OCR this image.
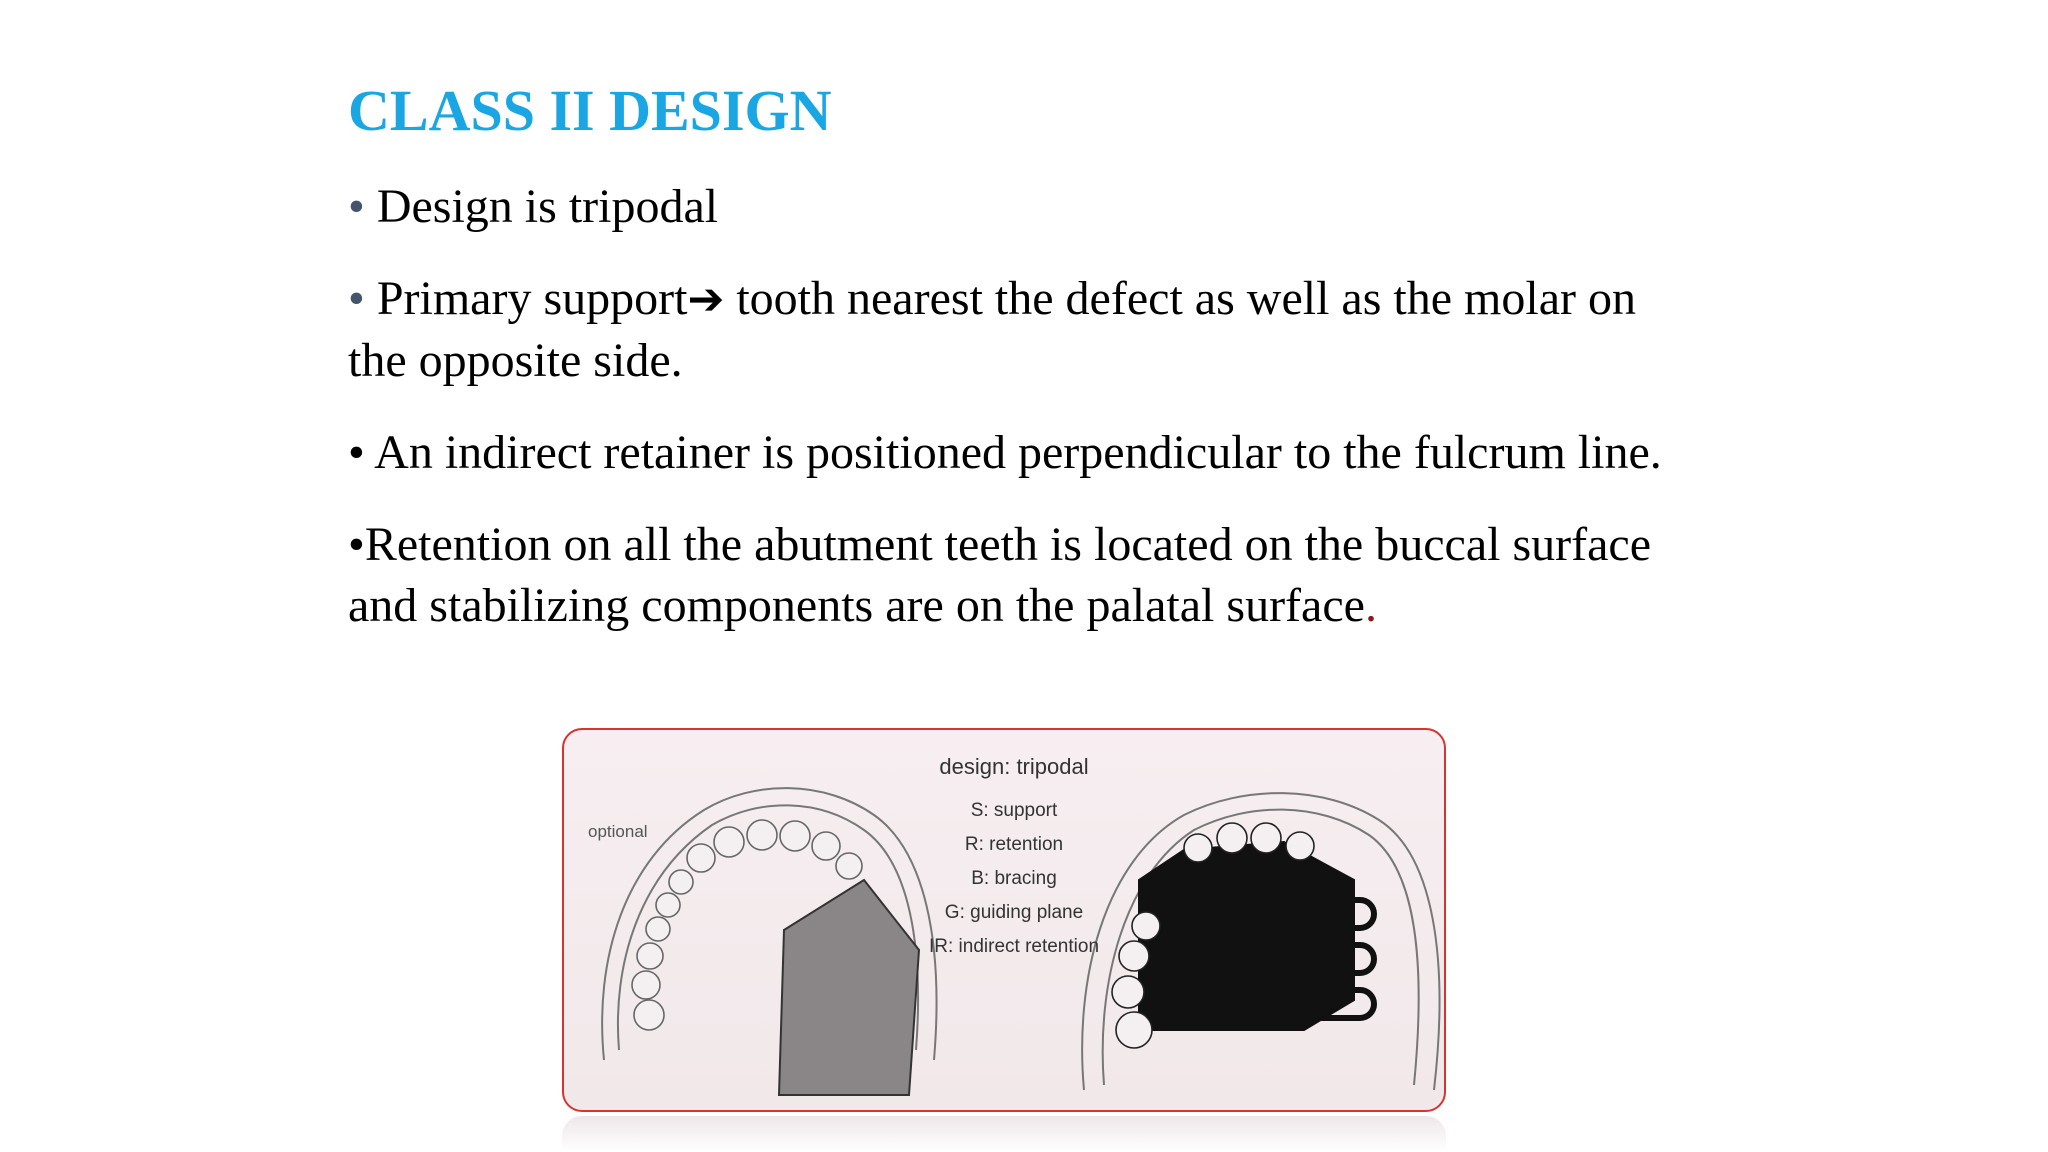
CLASS II DESIGN
• Design is tripodal
• Primary support➔ tooth nearest the defect as well as the molar on the opposite side.
• An indirect retainer is positioned perpendicular to the fulcrum line.
•Retention on all the abutment teeth is located on the buccal surface and stabilizing components are on the palatal surface.
optional
design: tripodal
S: support
R: retention
B: bracing
G: guiding plane
IR: indirect retention
